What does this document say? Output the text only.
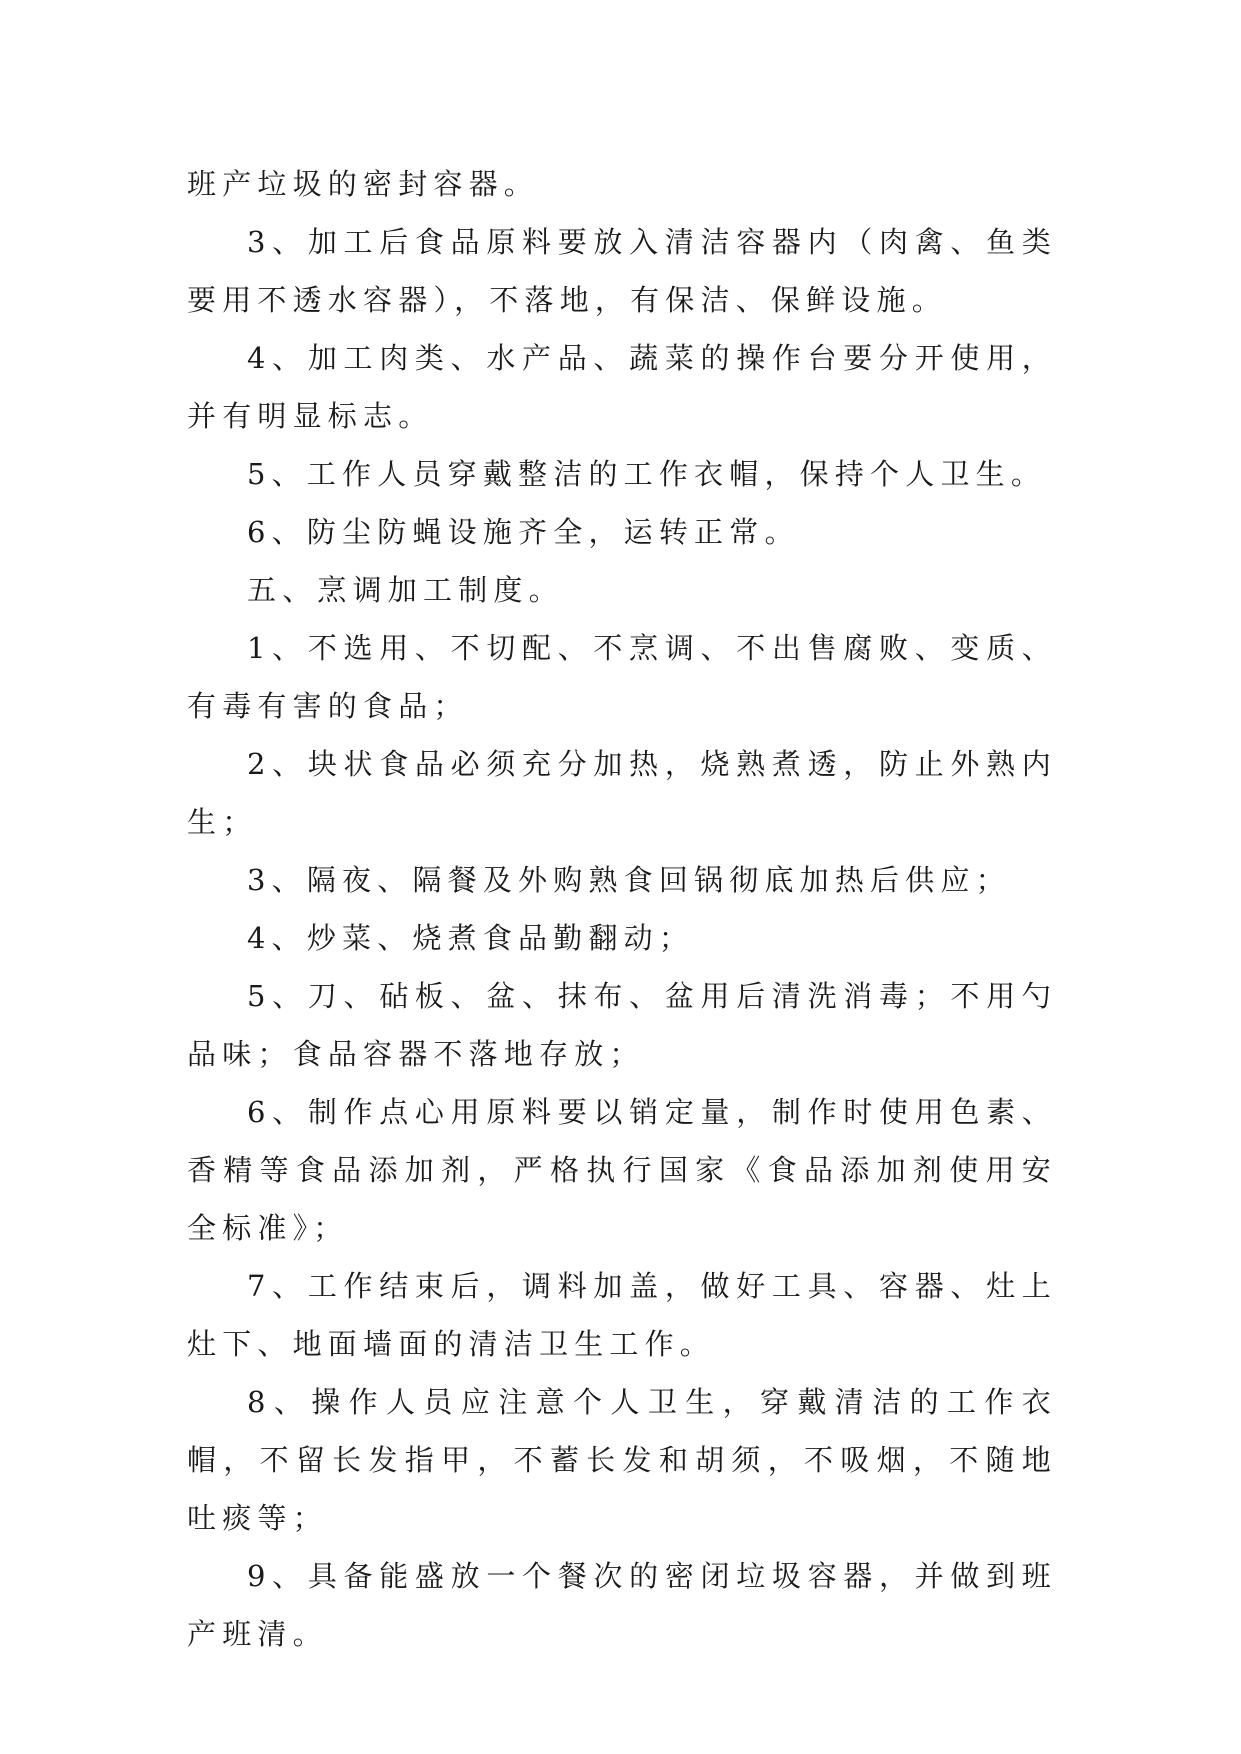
班产垃圾的密封容器。

3、加工后食品原料要放入清洁容器内（肉禽、鱼类要用不透水容器），不落地，有保洁、保鲜设施。

4、加工肉类、水产品、蔬菜的操作台要分开使用，并有明显标志。

5、工作人员穿戴整洁的工作衣帽，保持个人卫生。

6、防尘防蝇设施齐全，运转正常。

五、烹调加工制度。

1、不选用、不切配、不烹调、不出售腐败、变质、有毒有害的食品；

2、块状食品必须充分加热，烧熟煮透，防止外熟内生；

3、隔夜、隔餐及外购熟食回锅彻底加热后供应；

4、炒菜、烧煮食品勤翻动；

5、刀、砧板、盆、抹布、盆用后清洗消毒；不用勺品味；食品容器不落地存放；

6、制作点心用原料要以销定量，制作时使用色素、香精等食品添加剂，严格执行国家《食品添加剂使用安全标准》；

7、工作结束后，调料加盖，做好工具、容器、灶上灶下、地面墙面的清洁卫生工作。

8、操作人员应注意个人卫生，穿戴清洁的工作衣帽，不留长发指甲，不蓄长发和胡须，不吸烟，不随地吐痰等；

9、具备能盛放一个餐次的密闭垃圾容器，并做到班产班清。
